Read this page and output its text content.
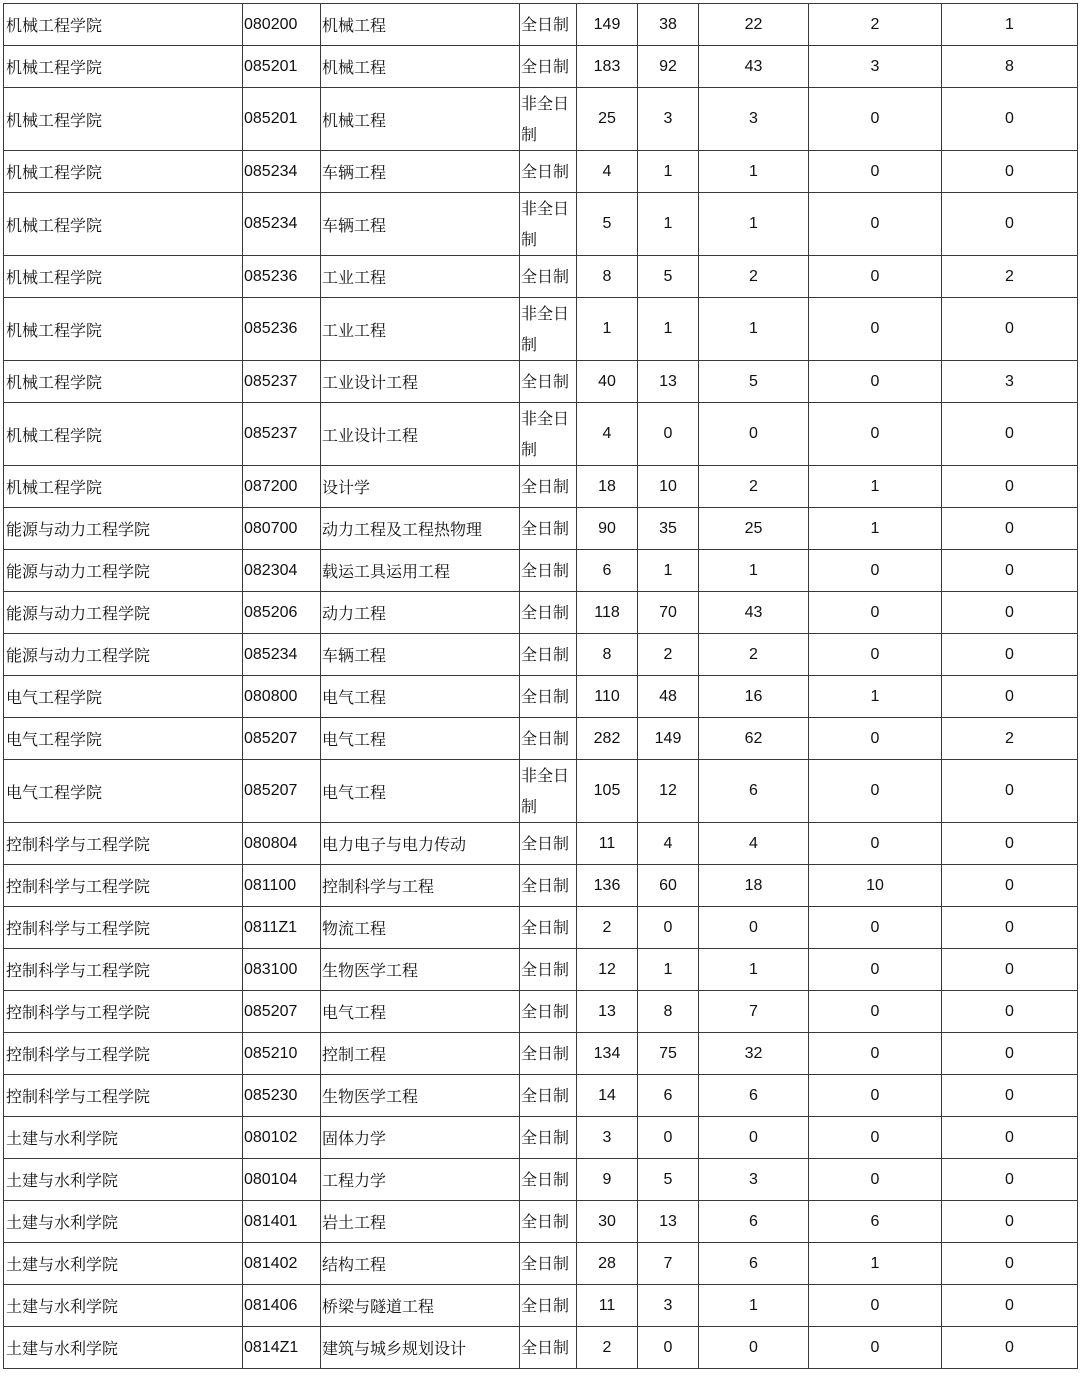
机械工程学院	080200	机械工程	全日制	149	38	22	2	1
机械工程学院	085201	机械工程	全日制	183	92	43	3	8
机械工程学院	085201	机械工程	非全日制	25	3	3	0	0
机械工程学院	085234	车辆工程	全日制	4	1	1	0	0
机械工程学院	085234	车辆工程	非全日制	5	1	1	0	0
机械工程学院	085236	工业工程	全日制	8	5	2	0	2
机械工程学院	085236	工业工程	非全日制	1	1	1	0	0
机械工程学院	085237	工业设计工程	全日制	40	13	5	0	3
机械工程学院	085237	工业设计工程	非全日制	4	0	0	0	0
机械工程学院	087200	设计学	全日制	18	10	2	1	0
能源与动力工程学院	080700	动力工程及工程热物理	全日制	90	35	25	1	0
能源与动力工程学院	082304	载运工具运用工程	全日制	6	1	1	0	0
能源与动力工程学院	085206	动力工程	全日制	118	70	43	0	0
能源与动力工程学院	085234	车辆工程	全日制	8	2	2	0	0
电气工程学院	080800	电气工程	全日制	110	48	16	1	0
电气工程学院	085207	电气工程	全日制	282	149	62	0	2
电气工程学院	085207	电气工程	非全日制	105	12	6	0	0
控制科学与工程学院	080804	电力电子与电力传动	全日制	11	4	4	0	0
控制科学与工程学院	081100	控制科学与工程	全日制	136	60	18	10	0
控制科学与工程学院	0811Z1	物流工程	全日制	2	0	0	0	0
控制科学与工程学院	083100	生物医学工程	全日制	12	1	1	0	0
控制科学与工程学院	085207	电气工程	全日制	13	8	7	0	0
控制科学与工程学院	085210	控制工程	全日制	134	75	32	0	0
控制科学与工程学院	085230	生物医学工程	全日制	14	6	6	0	0
土建与水利学院	080102	固体力学	全日制	3	0	0	0	0
土建与水利学院	080104	工程力学	全日制	9	5	3	0	0
土建与水利学院	081401	岩土工程	全日制	30	13	6	6	0
土建与水利学院	081402	结构工程	全日制	28	7	6	1	0
土建与水利学院	081406	桥梁与隧道工程	全日制	11	3	1	0	0
土建与水利学院	0814Z1	建筑与城乡规划设计	全日制	2	0	0	0	0
